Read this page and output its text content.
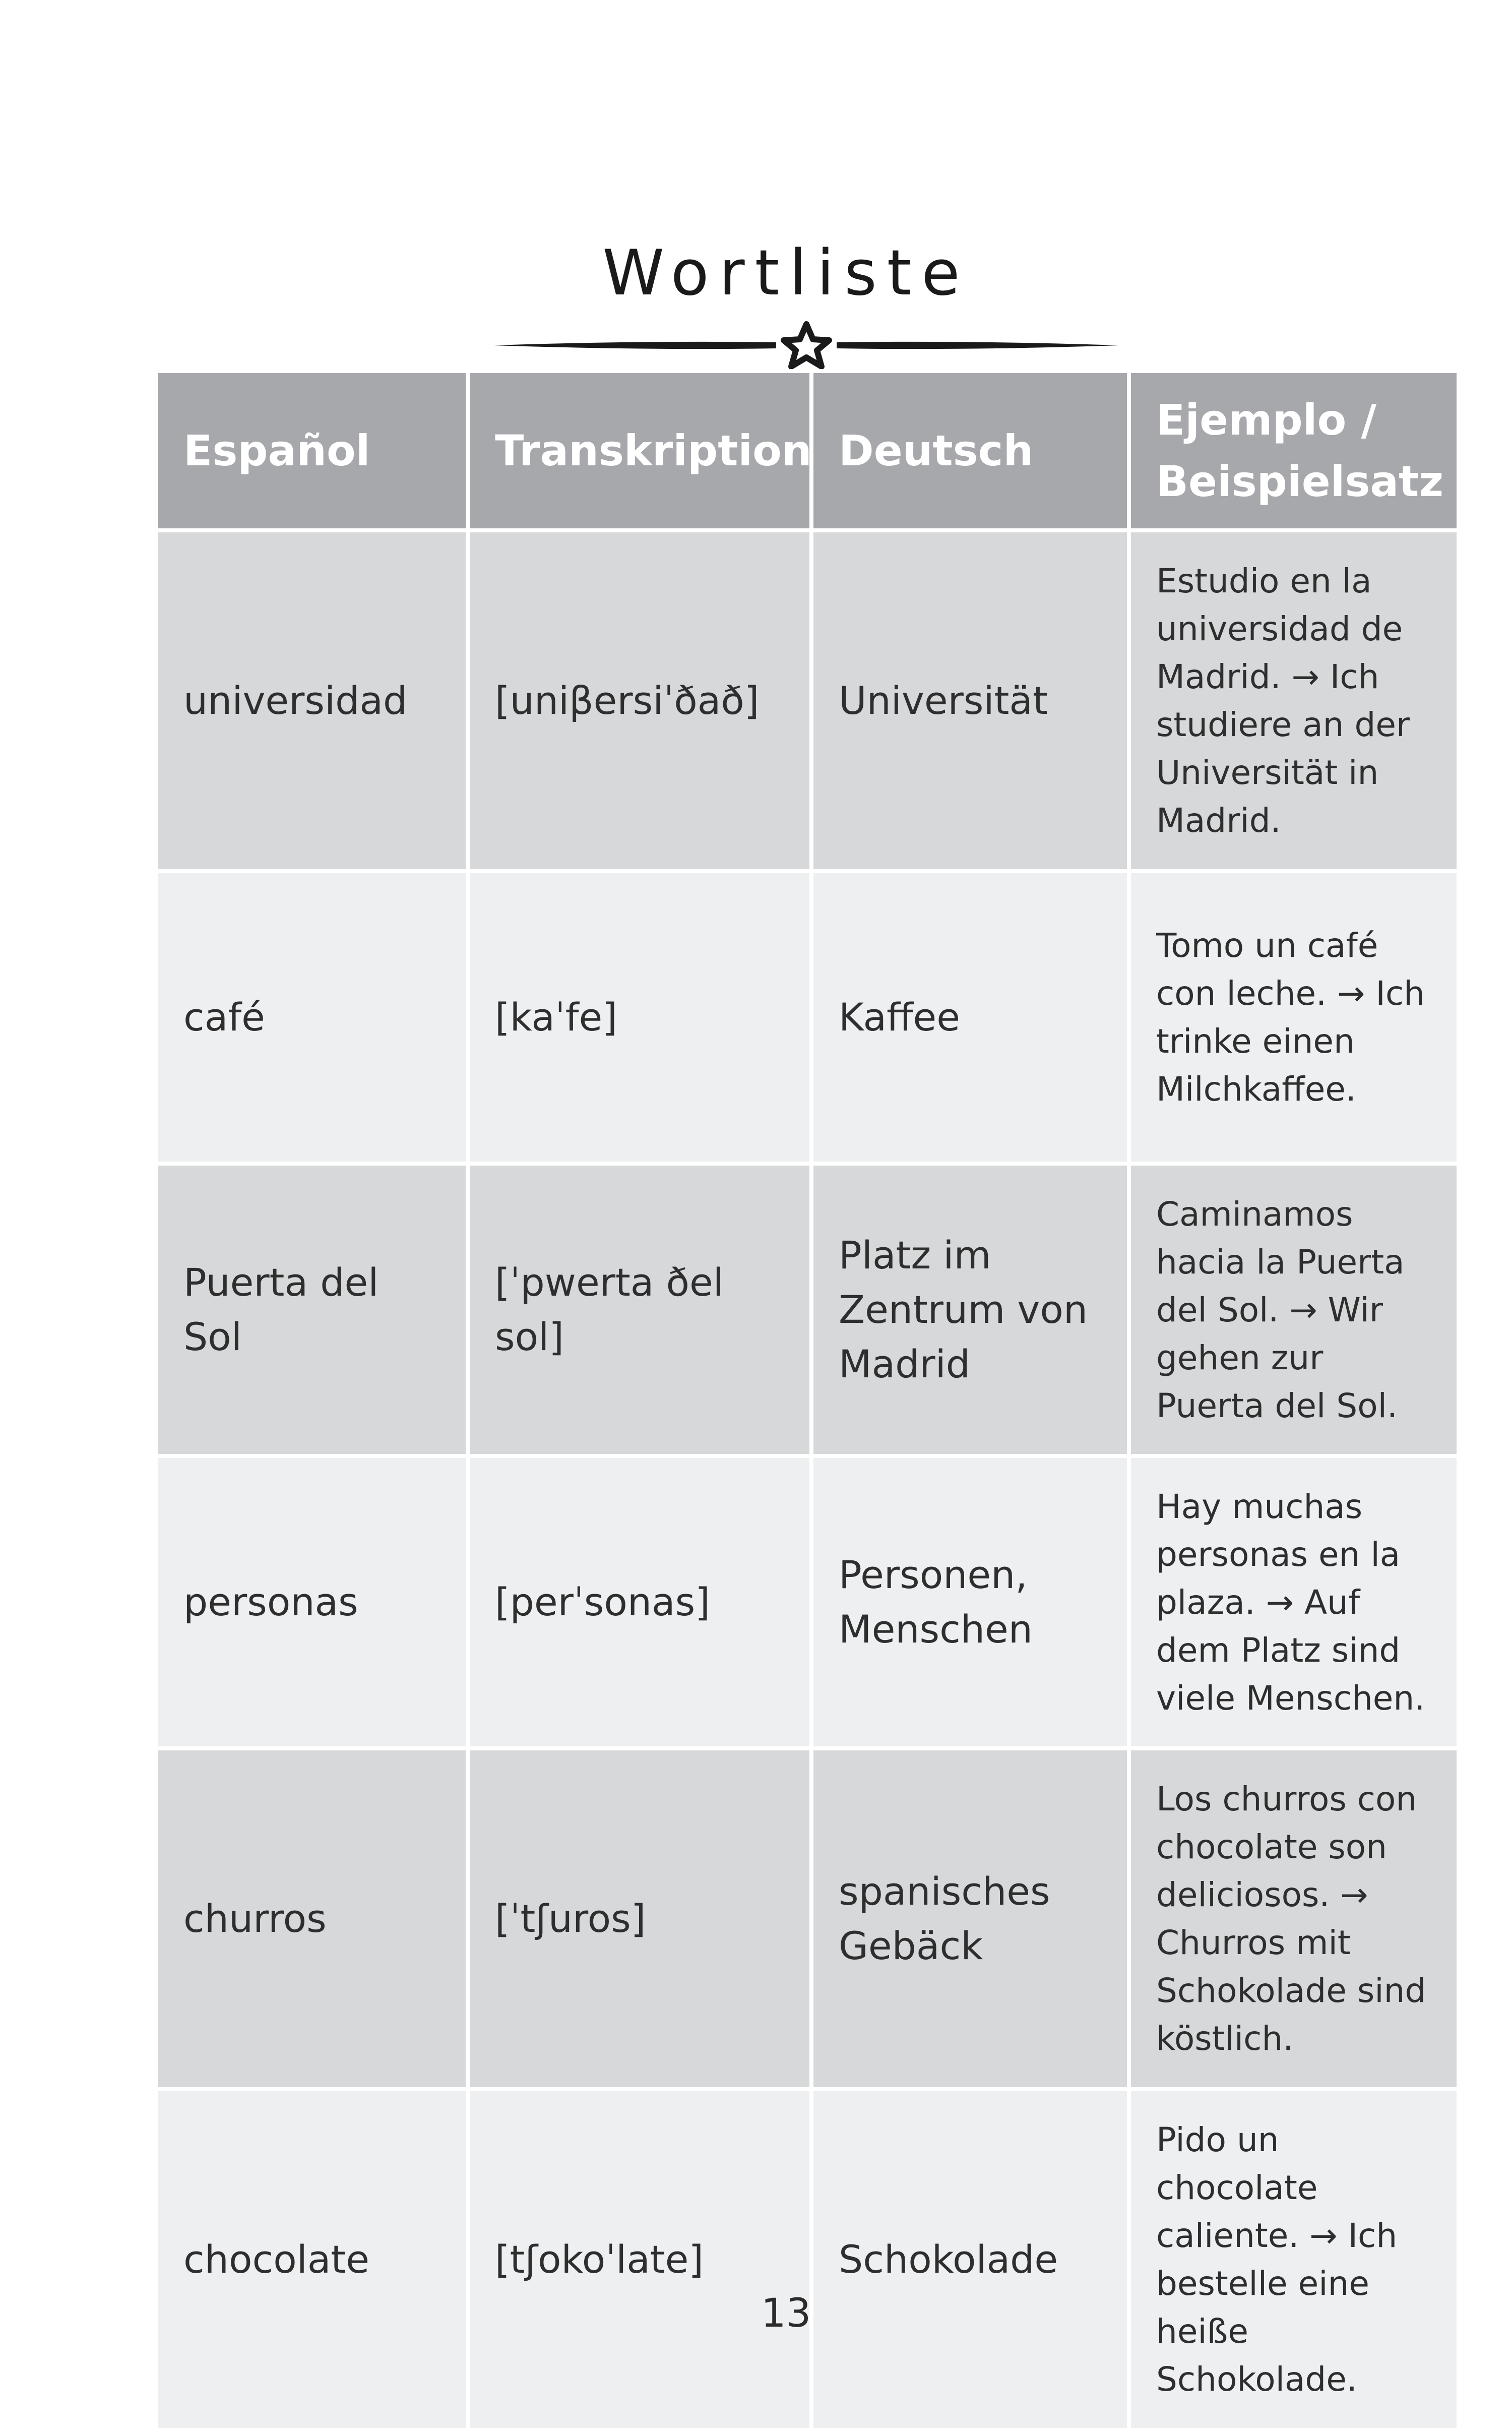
Wortliste
Español	Transkription	Deutsch	Ejemplo / Beispielsatz
universidad	[uniβersiˈðað]	Universität	Estudio en la universidad de Madrid. → Ich studiere an der Universität in Madrid.
café	[kaˈfe]	Kaffee	Tomo un café con leche. → Ich trinke einen Milchkaffee.
Puerta del Sol	[ˈpwerta ðel sol]	Platz im Zentrum von Madrid	Caminamos hacia la Puerta del Sol. → Wir gehen zur Puerta del Sol.
personas	[perˈsonas]	Personen, Menschen	Hay muchas personas en la plaza. → Auf dem Platz sind viele Menschen.
churros	[ˈtʃuros]	spanisches Gebäck	Los churros con chocolate son deliciosos. → Churros mit Schokolade sind köstlich.
chocolate	[tʃokoˈlate]	Schokolade	Pido un chocolate caliente. → Ich bestelle eine heiße Schokolade.
13
